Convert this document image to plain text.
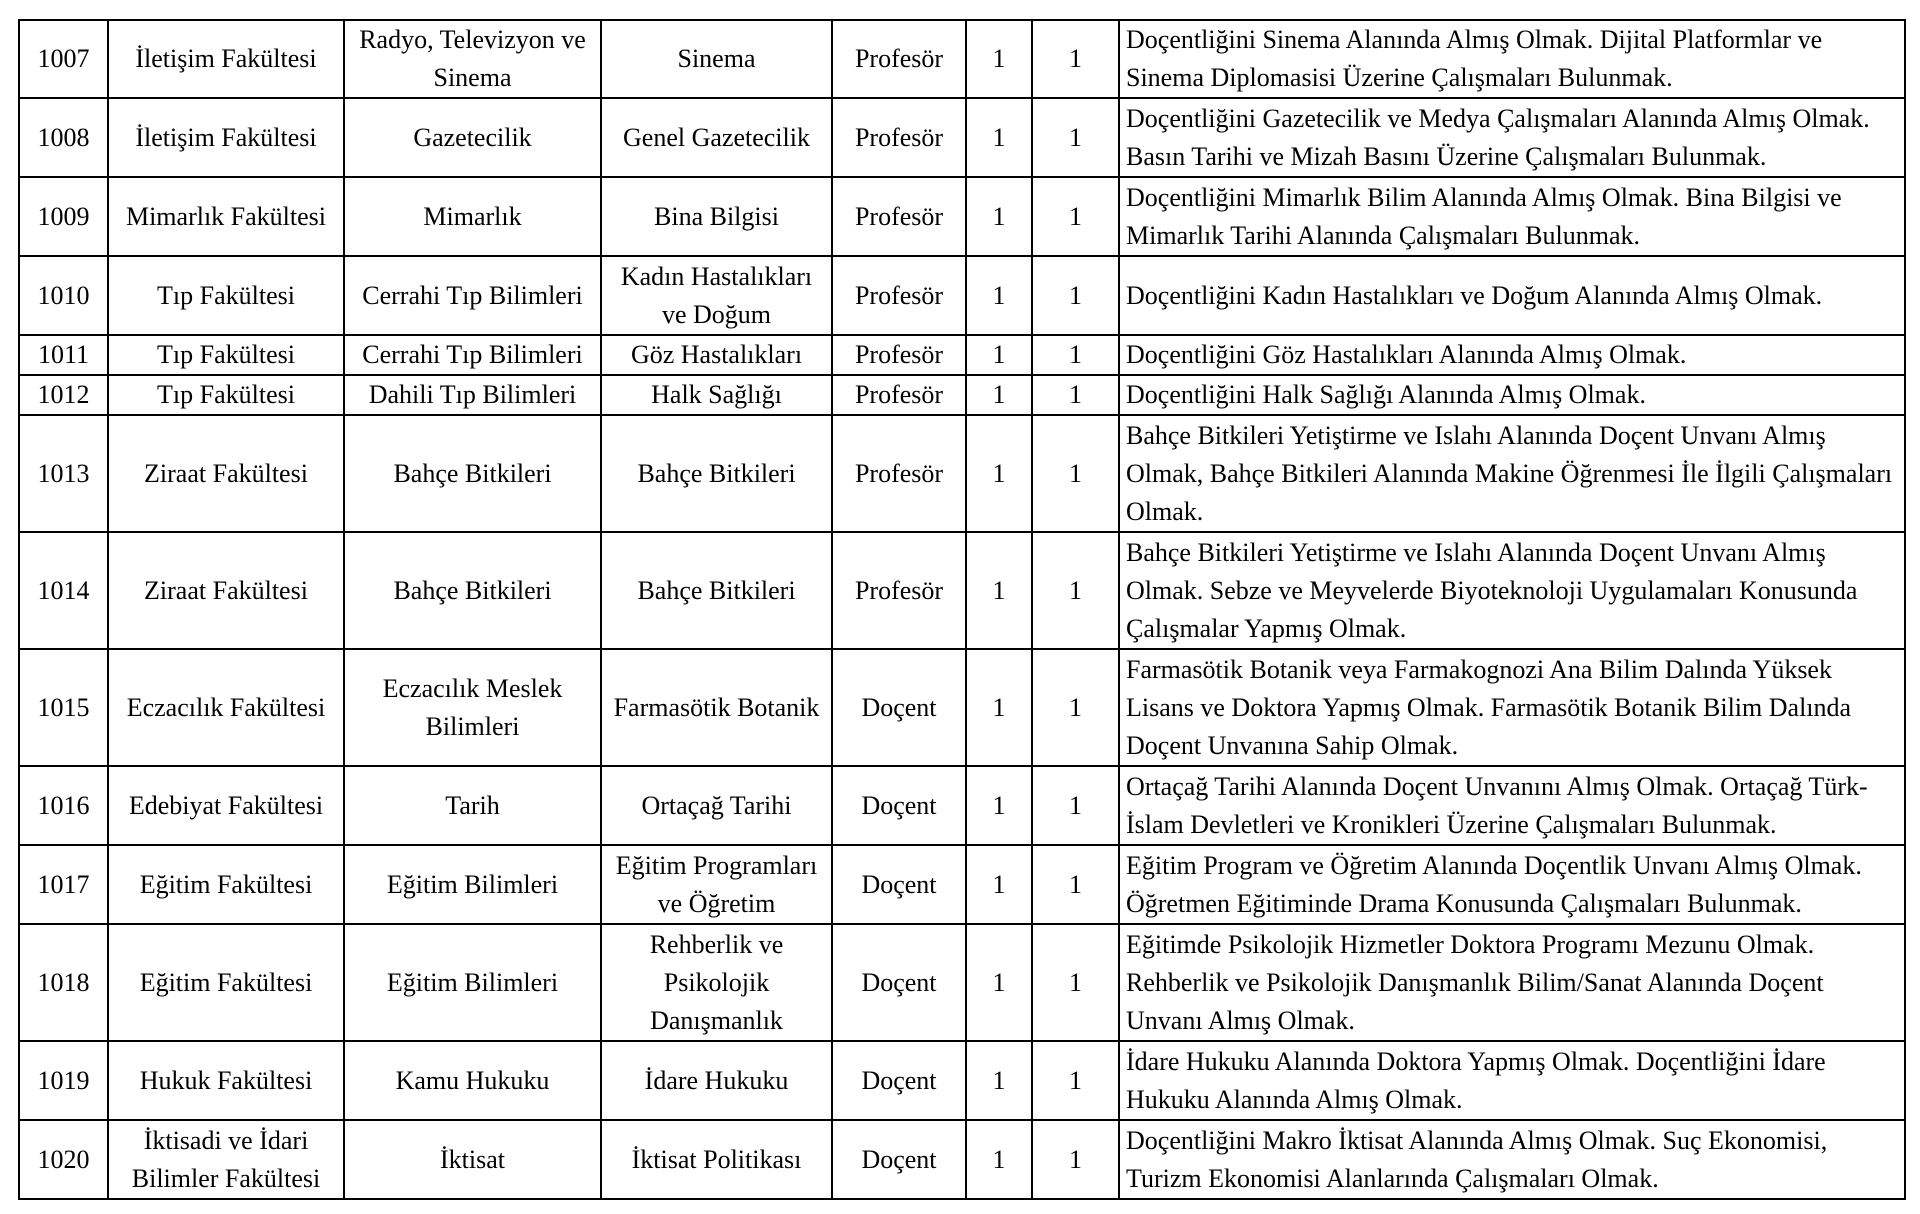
1007	İletişim Fakültesi	Radyo, Televizyon ve Sinema	Sinema	Profesör	1	1	Doçentliğini Sinema Alanında Almış Olmak. Dijital Platformlar ve Sinema Diplomasisi Üzerine Çalışmaları Bulunmak.
1008	İletişim Fakültesi	Gazetecilik	Genel Gazetecilik	Profesör	1	1	Doçentliğini Gazetecilik ve Medya Çalışmaları Alanında Almış Olmak. Basın Tarihi ve Mizah Basını Üzerine Çalışmaları Bulunmak.
1009	Mimarlık Fakültesi	Mimarlık	Bina Bilgisi	Profesör	1	1	Doçentliğini Mimarlık Bilim Alanında Almış Olmak. Bina Bilgisi ve Mimarlık Tarihi Alanında Çalışmaları Bulunmak.
1010	Tıp Fakültesi	Cerrahi Tıp Bilimleri	Kadın Hastalıkları ve Doğum	Profesör	1	1	Doçentliğini Kadın Hastalıkları ve Doğum Alanında Almış Olmak.
1011	Tıp Fakültesi	Cerrahi Tıp Bilimleri	Göz Hastalıkları	Profesör	1	1	Doçentliğini Göz Hastalıkları Alanında Almış Olmak.
1012	Tıp Fakültesi	Dahili Tıp Bilimleri	Halk Sağlığı	Profesör	1	1	Doçentliğini Halk Sağlığı Alanında Almış Olmak.
1013	Ziraat Fakültesi	Bahçe Bitkileri	Bahçe Bitkileri	Profesör	1	1	Bahçe Bitkileri Yetiştirme ve Islahı Alanında Doçent Unvanı Almış Olmak, Bahçe Bitkileri Alanında Makine Öğrenmesi İle İlgili Çalışmaları Olmak.
1014	Ziraat Fakültesi	Bahçe Bitkileri	Bahçe Bitkileri	Profesör	1	1	Bahçe Bitkileri Yetiştirme ve Islahı Alanında Doçent Unvanı Almış Olmak. Sebze ve Meyvelerde Biyoteknoloji Uygulamaları Konusunda Çalışmalar Yapmış Olmak.
1015	Eczacılık Fakültesi	Eczacılık Meslek Bilimleri	Farmasötik Botanik	Doçent	1	1	Farmasötik Botanik veya Farmakognozi Ana Bilim Dalında Yüksek Lisans ve Doktora Yapmış Olmak. Farmasötik Botanik Bilim Dalında Doçent Unvanına Sahip Olmak.
1016	Edebiyat Fakültesi	Tarih	Ortaçağ Tarihi	Doçent	1	1	Ortaçağ Tarihi Alanında Doçent Unvanını Almış Olmak. Ortaçağ Türk-İslam Devletleri ve Kronikleri Üzerine Çalışmaları Bulunmak.
1017	Eğitim Fakültesi	Eğitim Bilimleri	Eğitim Programları ve Öğretim	Doçent	1	1	Eğitim Program ve Öğretim Alanında Doçentlik Unvanı Almış Olmak. Öğretmen Eğitiminde Drama Konusunda Çalışmaları Bulunmak.
1018	Eğitim Fakültesi	Eğitim Bilimleri	Rehberlik ve Psikolojik Danışmanlık	Doçent	1	1	Eğitimde Psikolojik Hizmetler Doktora Programı Mezunu Olmak. Rehberlik ve Psikolojik Danışmanlık Bilim/Sanat Alanında Doçent Unvanı Almış Olmak.
1019	Hukuk Fakültesi	Kamu Hukuku	İdare Hukuku	Doçent	1	1	İdare Hukuku Alanında Doktora Yapmış Olmak. Doçentliğini İdare Hukuku Alanında Almış Olmak.
1020	İktisadi ve İdari Bilimler Fakültesi	İktisat	İktisat Politikası	Doçent	1	1	Doçentliğini Makro İktisat Alanında Almış Olmak. Suç Ekonomisi, Turizm Ekonomisi Alanlarında Çalışmaları Olmak.
